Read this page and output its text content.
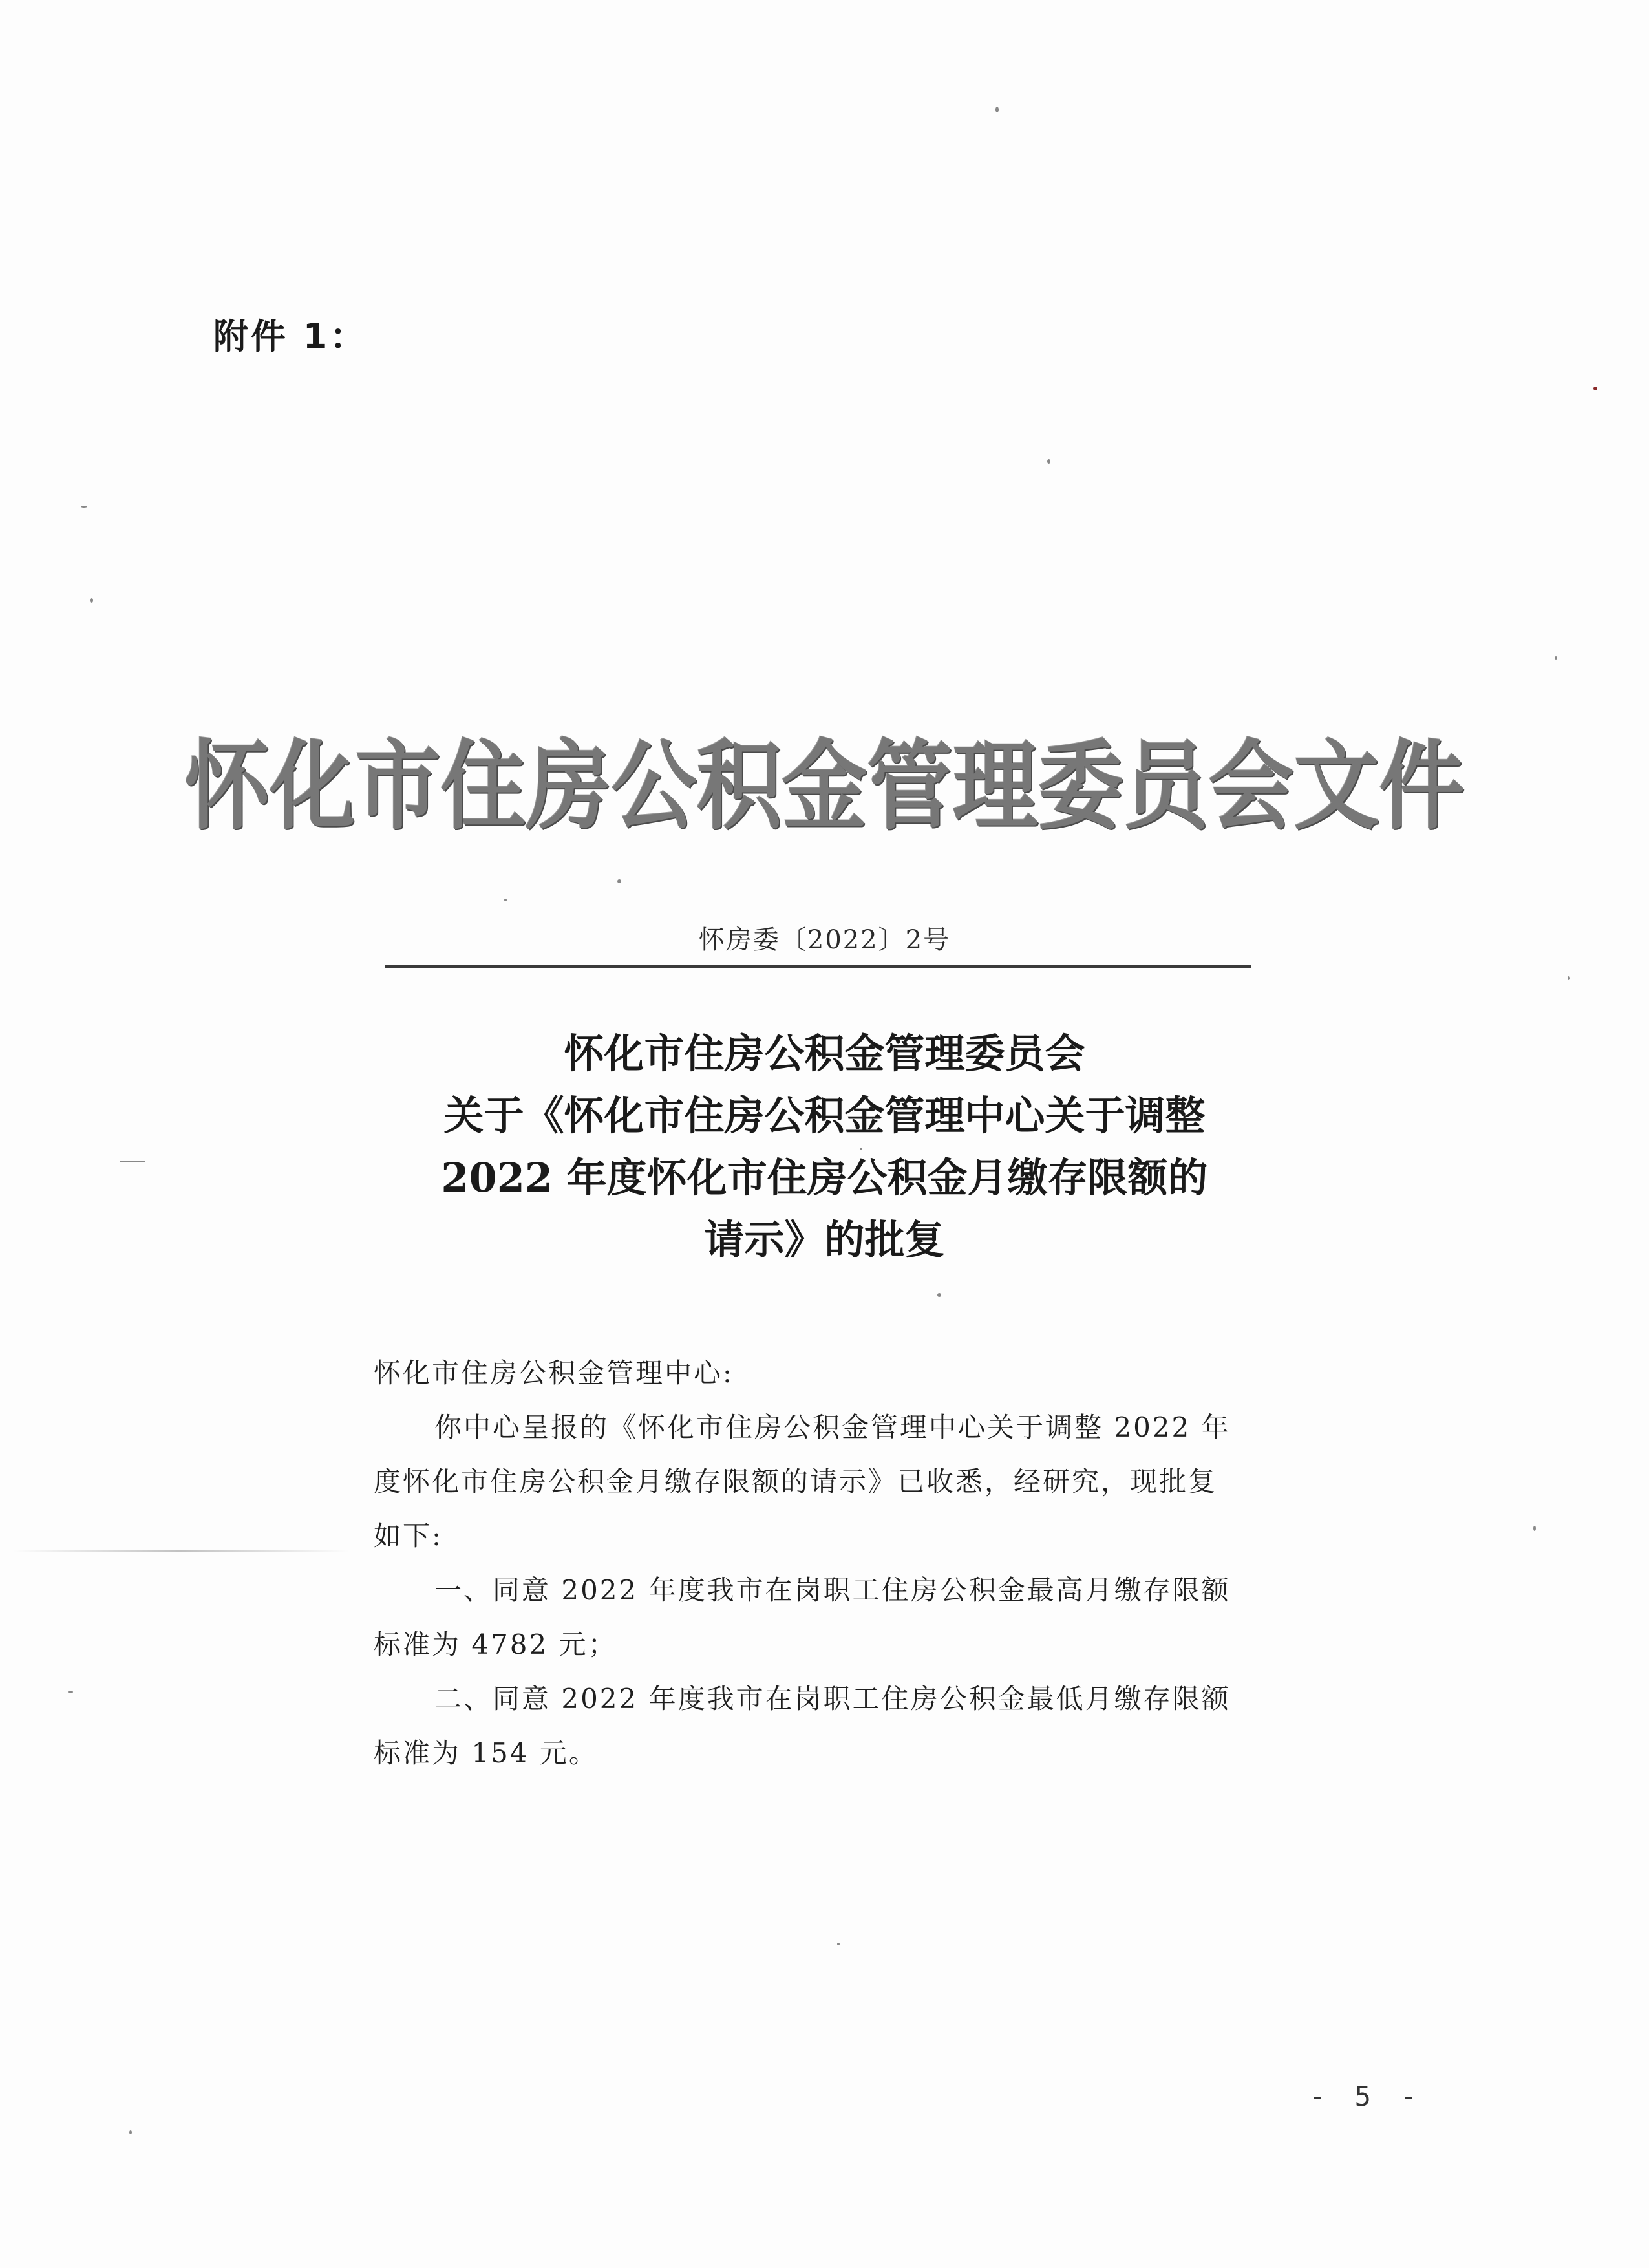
附件 1：
怀化市住房公积金管理委员会文件
怀房委〔2022〕2号
怀化市住房公积金管理委员会
关于《怀化市住房公积金管理中心关于调整
2022 年度怀化市住房公积金月缴存限额的
请示》的批复

怀化市住房公积金管理中心:

你中心呈报的《怀化市住房公积金管理中心关于调整 2022 年度怀化市住房公积金月缴存限额的请示》已收悉，经研究，现批复如下:

一、同意 2022 年度我市在岗职工住房公积金最高月缴存限额标准为 4782 元；

二、同意 2022 年度我市在岗职工住房公积金最低月缴存限额标准为 154 元。

- 5 -
